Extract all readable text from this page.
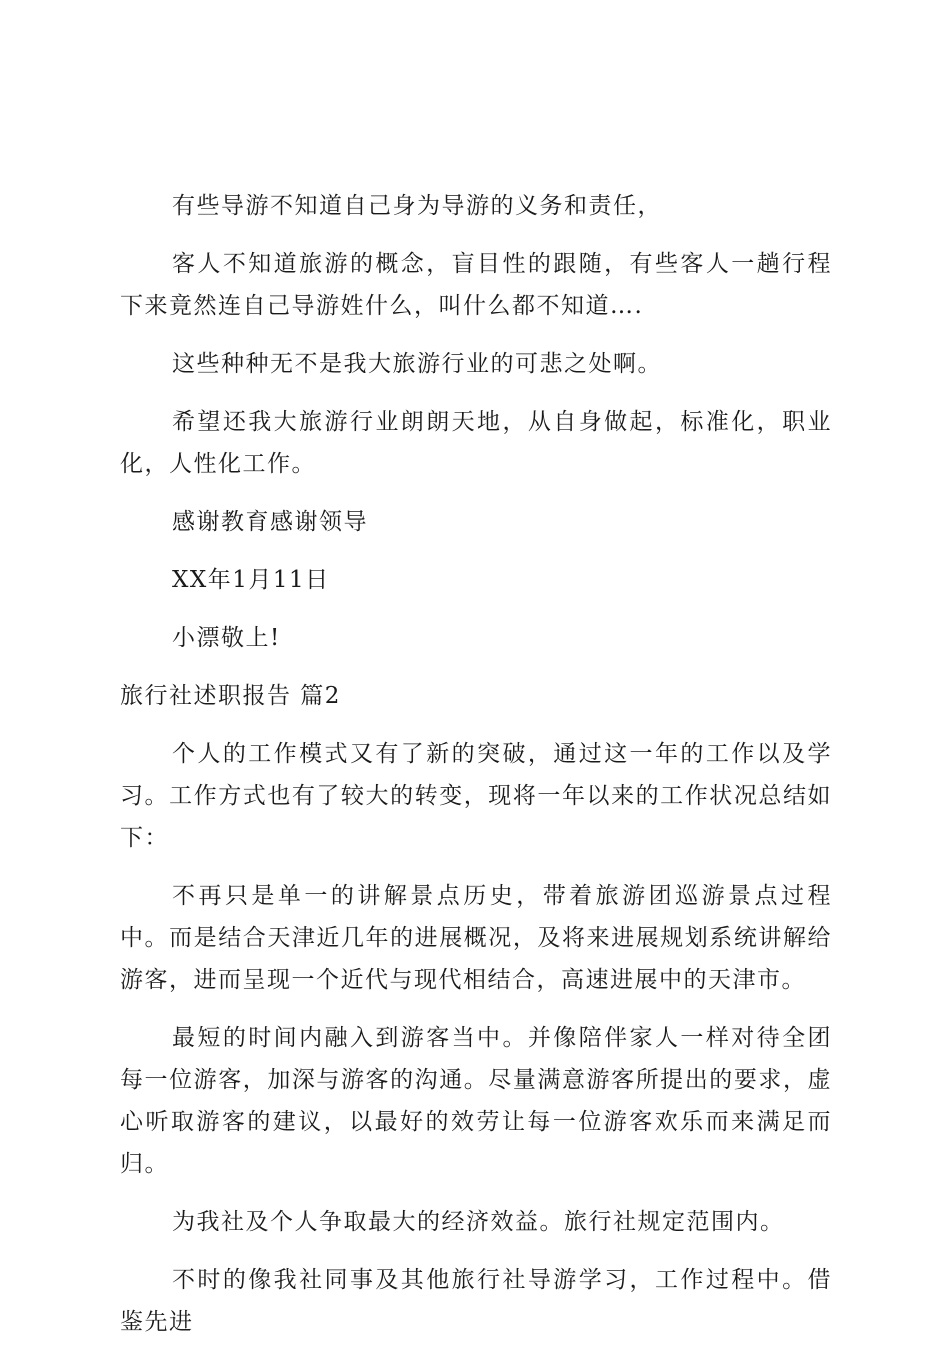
有些导游不知道自己身为导游的义务和责任，

客人不知道旅游的概念，盲目性的跟随，有些客人一趟行程下来竟然连自己导游姓什么，叫什么都不知道….

这些种种无不是我大旅游行业的可悲之处啊。

希望还我大旅游行业朗朗天地，从自身做起，标准化，职业化，人性化工作。

感谢教育感谢领导

XX年1月11日

小漂敬上!

旅行社述职报告 篇2

个人的工作模式又有了新的突破，通过这一年的工作以及学习。工作方式也有了较大的转变，现将一年以来的工作状况总结如下：

不再只是单一的讲解景点历史，带着旅游团巡游景点过程中。而是结合天津近几年的进展概况，及将来进展规划系统讲解给游客，进而呈现一个近代与现代相结合，高速进展中的天津市。

最短的时间内融入到游客当中。并像陪伴家人一样对待全团每一位游客，加深与游客的沟通。尽量满意游客所提出的要求，虚心听取游客的建议，以最好的效劳让每一位游客欢乐而来满足而归。

为我社及个人争取最大的经济效益。旅行社规定范围内。

不时的像我社同事及其他旅行社导游学习，工作过程中。借鉴先进
